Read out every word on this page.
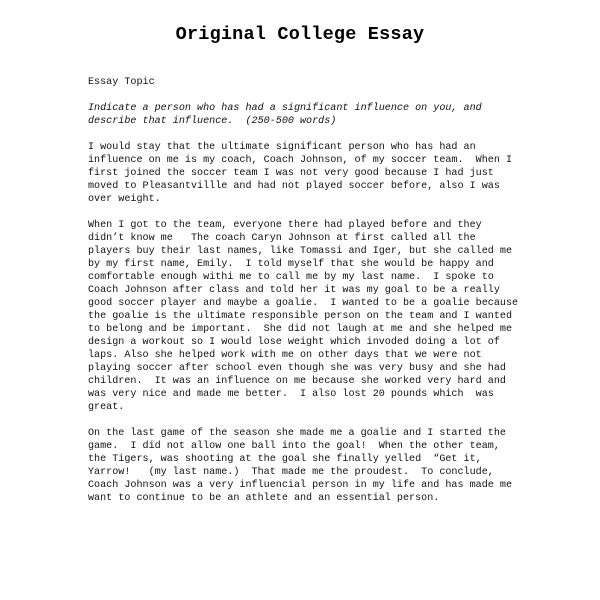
Original College Essay
Essay Topic
Indicate a person who has had a significant influence on you, and
describe that influence.  (250-500 words)
I would stay that the ultimate significant person who has had an
influence on me is my coach, Coach Johnson, of my soccer team.  When I
first joined the soccer team I was not very good because I had just
moved to Pleasantvillle and had not played soccer before, also I was
over weight.
When I got to the team, everyone there had played before and they
didn’t know me   The coach Caryn Johnson at first called all the
players buy their last names, like Tomassi and Iger, but she called me
by my first name, Emily.  I told myself that she would be happy and
comfortable enough withi me to call me by my last name.  I spoke to
Coach Johnson after class and told her it was my goal to be a really
good soccer player and maybe a goalie.  I wanted to be a goalie because
the goalie is the ultimate responsible person on the team and I wanted
to belong and be important.  She did not laugh at me and she helped me
design a workout so I would lose weight which invoded doing a lot of
laps. Also she helped work with me on other days that we were not
playing soccer after school even though she was very busy and she had
children.  It was an influence on me because she worked very hard and
was very nice and made me better.  I also lost 20 pounds which  was
great.
On the last game of the season she made me a goalie and I started the
game.  I did not allow one ball into the goal!  When the other team,
the Tigers, was shooting at the goal she finally yelled  “Get it,
Yarrow!   (my last name.)  That made me the proudest.  To conclude,
Coach Johnson was a very influencial person in my life and has made me
want to continue to be an athlete and an essential person.
